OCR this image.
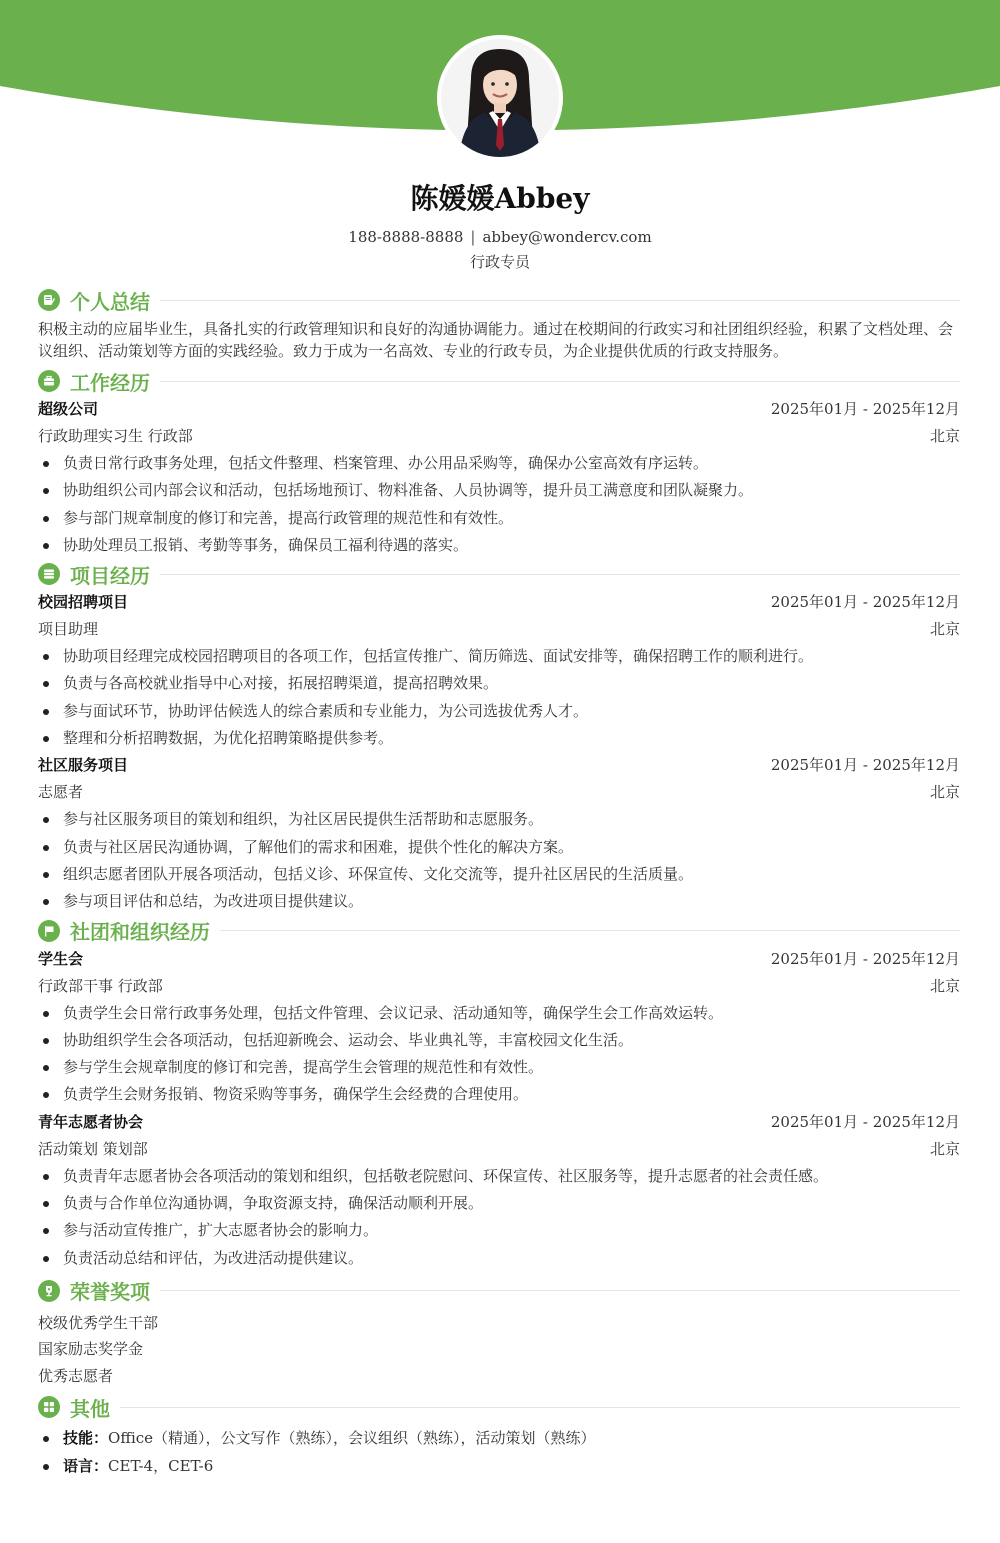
陈媛媛Abbey
188-8888-8888 | abbey@wondercv.com
行政专员
个人总结

积极主动的应届毕业生，具备扎实的行政管理知识和良好的沟通协调能力。通过在校期间的行政实习和社团组织经验，积累了文档处理、会议组织、活动策划等方面的实践经验。致力于成为一名高效、专业的行政专员，为企业提供优质的行政支持服务。

工作经历
超级公司	2025年01月 - 2025年12月
行政助理实习生 行政部	北京
负责日常行政事务处理，包括文件整理、档案管理、办公用品采购等，确保办公室高效有序运转。
协助组织公司内部会议和活动，包括场地预订、物料准备、人员协调等，提升员工满意度和团队凝聚力。
参与部门规章制度的修订和完善，提高行政管理的规范性和有效性。
协助处理员工报销、考勤等事务，确保员工福利待遇的落实。
项目经历
校园招聘项目	2025年01月 - 2025年12月
项目助理	北京
协助项目经理完成校园招聘项目的各项工作，包括宣传推广、简历筛选、面试安排等，确保招聘工作的顺利进行。
负责与各高校就业指导中心对接，拓展招聘渠道，提高招聘效果。
参与面试环节，协助评估候选人的综合素质和专业能力，为公司选拔优秀人才。
整理和分析招聘数据，为优化招聘策略提供参考。
社区服务项目	2025年01月 - 2025年12月
志愿者	北京
参与社区服务项目的策划和组织，为社区居民提供生活帮助和志愿服务。
负责与社区居民沟通协调，了解他们的需求和困难，提供个性化的解决方案。
组织志愿者团队开展各项活动，包括义诊、环保宣传、文化交流等，提升社区居民的生活质量。
参与项目评估和总结，为改进项目提供建议。
社团和组织经历
学生会	2025年01月 - 2025年12月
行政部干事 行政部	北京
负责学生会日常行政事务处理，包括文件管理、会议记录、活动通知等，确保学生会工作高效运转。
协助组织学生会各项活动，包括迎新晚会、运动会、毕业典礼等，丰富校园文化生活。
参与学生会规章制度的修订和完善，提高学生会管理的规范性和有效性。
负责学生会财务报销、物资采购等事务，确保学生会经费的合理使用。
青年志愿者协会	2025年01月 - 2025年12月
活动策划 策划部	北京
负责青年志愿者协会各项活动的策划和组织，包括敬老院慰问、环保宣传、社区服务等，提升志愿者的社会责任感。
负责与合作单位沟通协调，争取资源支持，确保活动顺利开展。
参与活动宣传推广，扩大志愿者协会的影响力。
负责活动总结和评估，为改进活动提供建议。
荣誉奖项
校级优秀学生干部
国家励志奖学金
优秀志愿者
其他
技能：Office（精通），公文写作（熟练），会议组织（熟练），活动策划（熟练）
语言：CET-4，CET-6
